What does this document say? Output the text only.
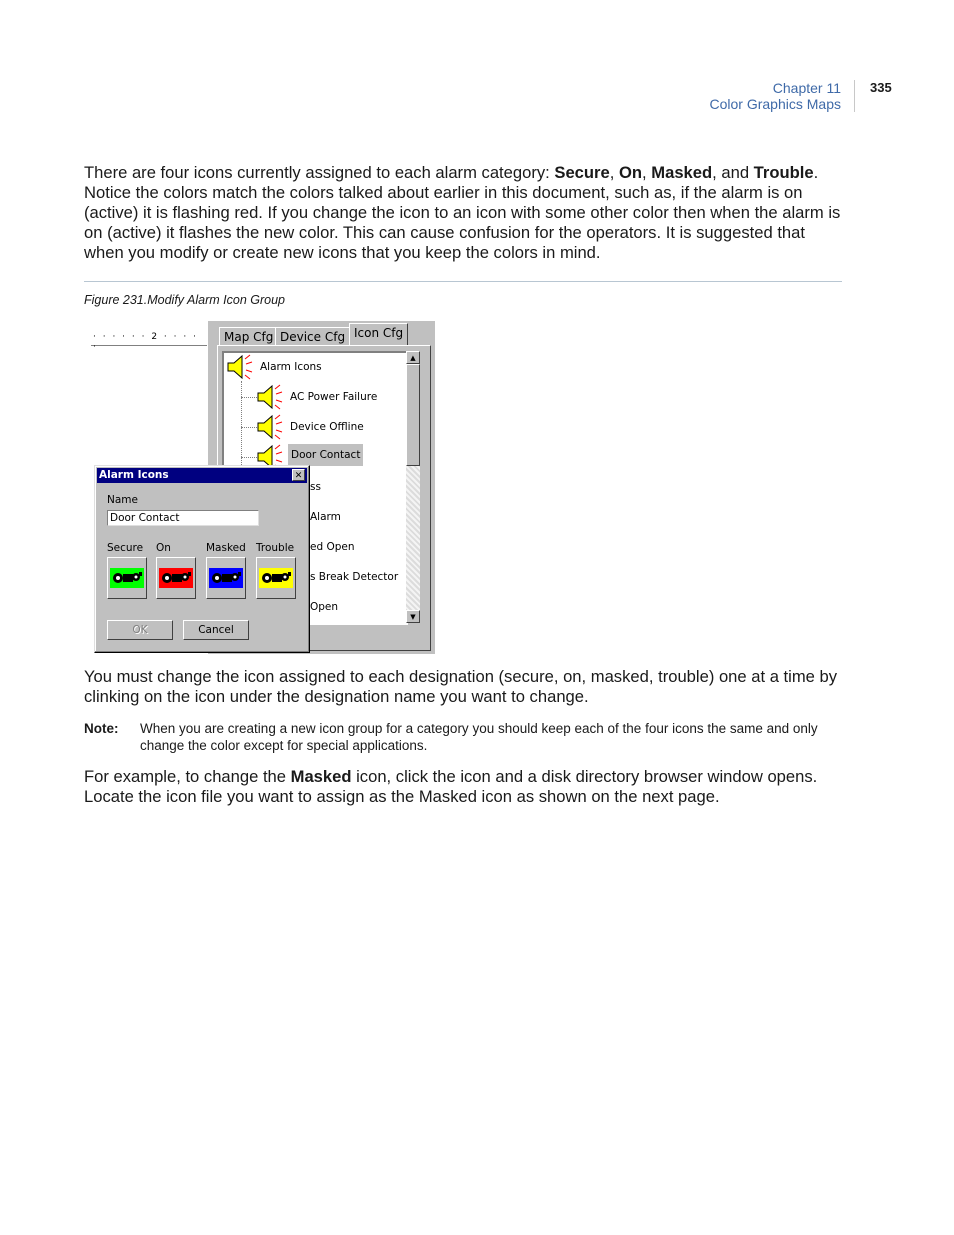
Chapter 11
Color Graphics Maps
335

There are four icons currently assigned to each alarm category: Secure, On, Masked, and Trouble. Notice the colors match the colors talked about earlier in this document, such as, if the alarm is on (active) it is flashing red. If you change the icon to an icon with some other color then when the alarm is on (active) it flashes the new color. This can cause confusion for the operators. It is suggested that when you modify or create new icons that you keep the colors in mind.

Figure 231.Modify Alarm Icon Group
· · · · · · 2 · · · · ·
Map Cfg Device Cfg Icon Cfg
Alarm Icons
AC Power Failure
Device Offline
Door Contact
ss
Alarm
ed Open
s Break Detector
Open
▲
▼
Alarm Icons	✕
Name
Door Contact
Secure On	Masked Trouble
OK	Cancel

You must change the icon assigned to each designation (secure, on, masked, trouble) one at a time by clinking on the icon under the designation name you want to change.

Note: When you are creating a new icon group for a category you should keep each of the four icons the same and only change the color except for special applications.

For example, to change the Masked icon, click the icon and a disk directory browser window opens. Locate the icon file you want to assign as the Masked icon as shown on the next page.
